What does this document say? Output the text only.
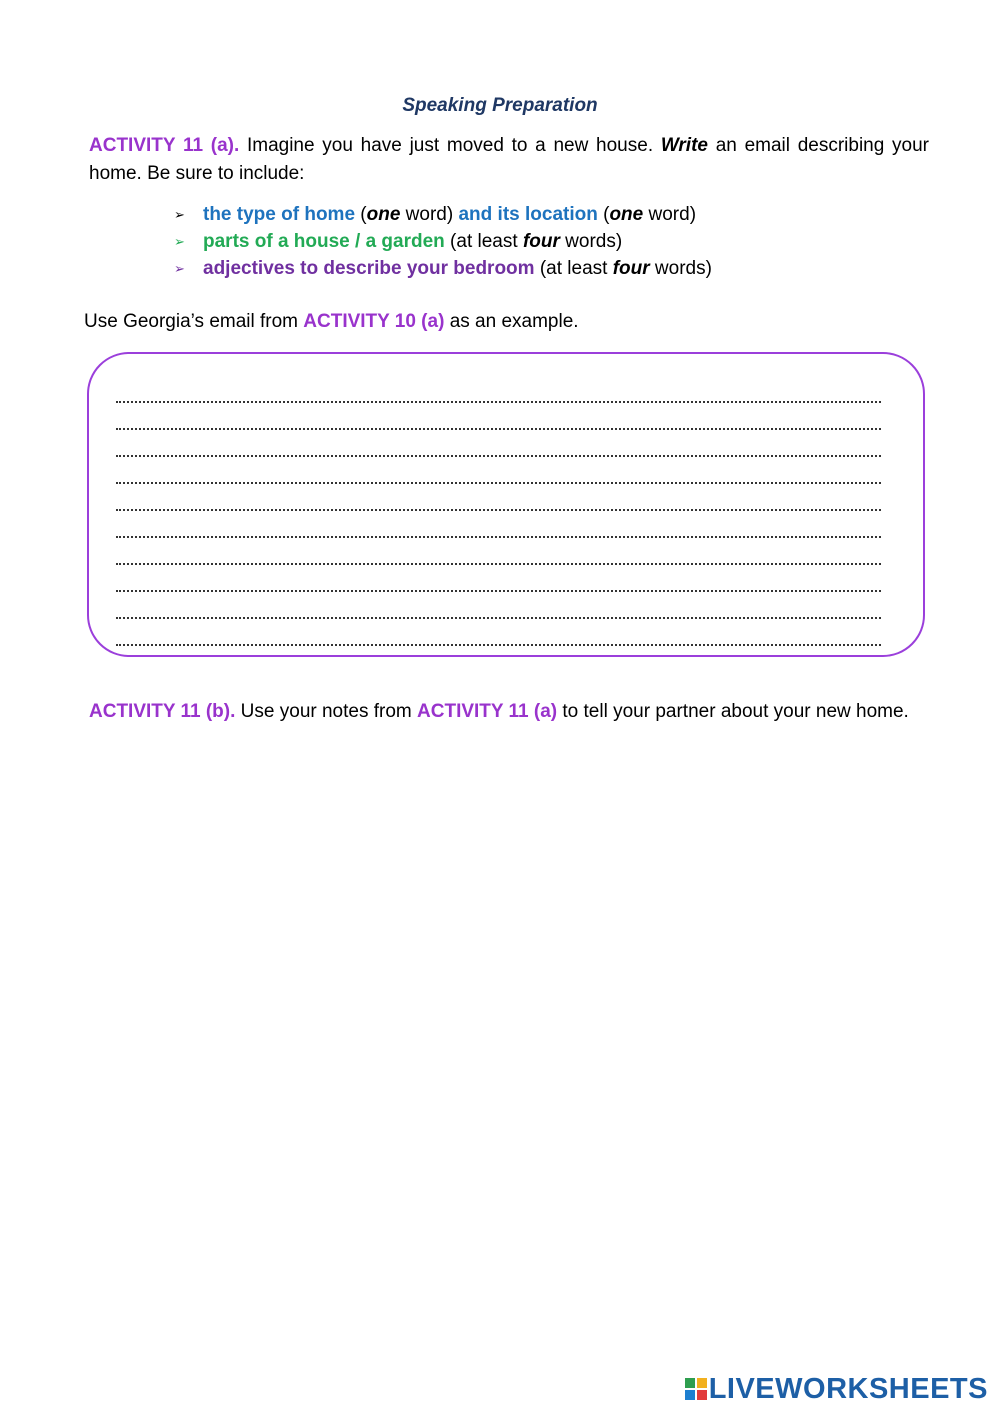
Speaking Preparation
ACTIVITY 11 (a). Imagine you have just moved to a new house. Write an email describing your home. Be sure to include:
➢ the type of home (one word) and its location (one word)
➢ parts of a house / a garden (at least four words)
➢ adjectives to describe your bedroom (at least four words)
Use Georgia’s email from ACTIVITY 10 (a) as an example.
ACTIVITY 11 (b). Use your notes from ACTIVITY 11 (a) to tell your partner about your new home.
LIVEWORKSHEETS
